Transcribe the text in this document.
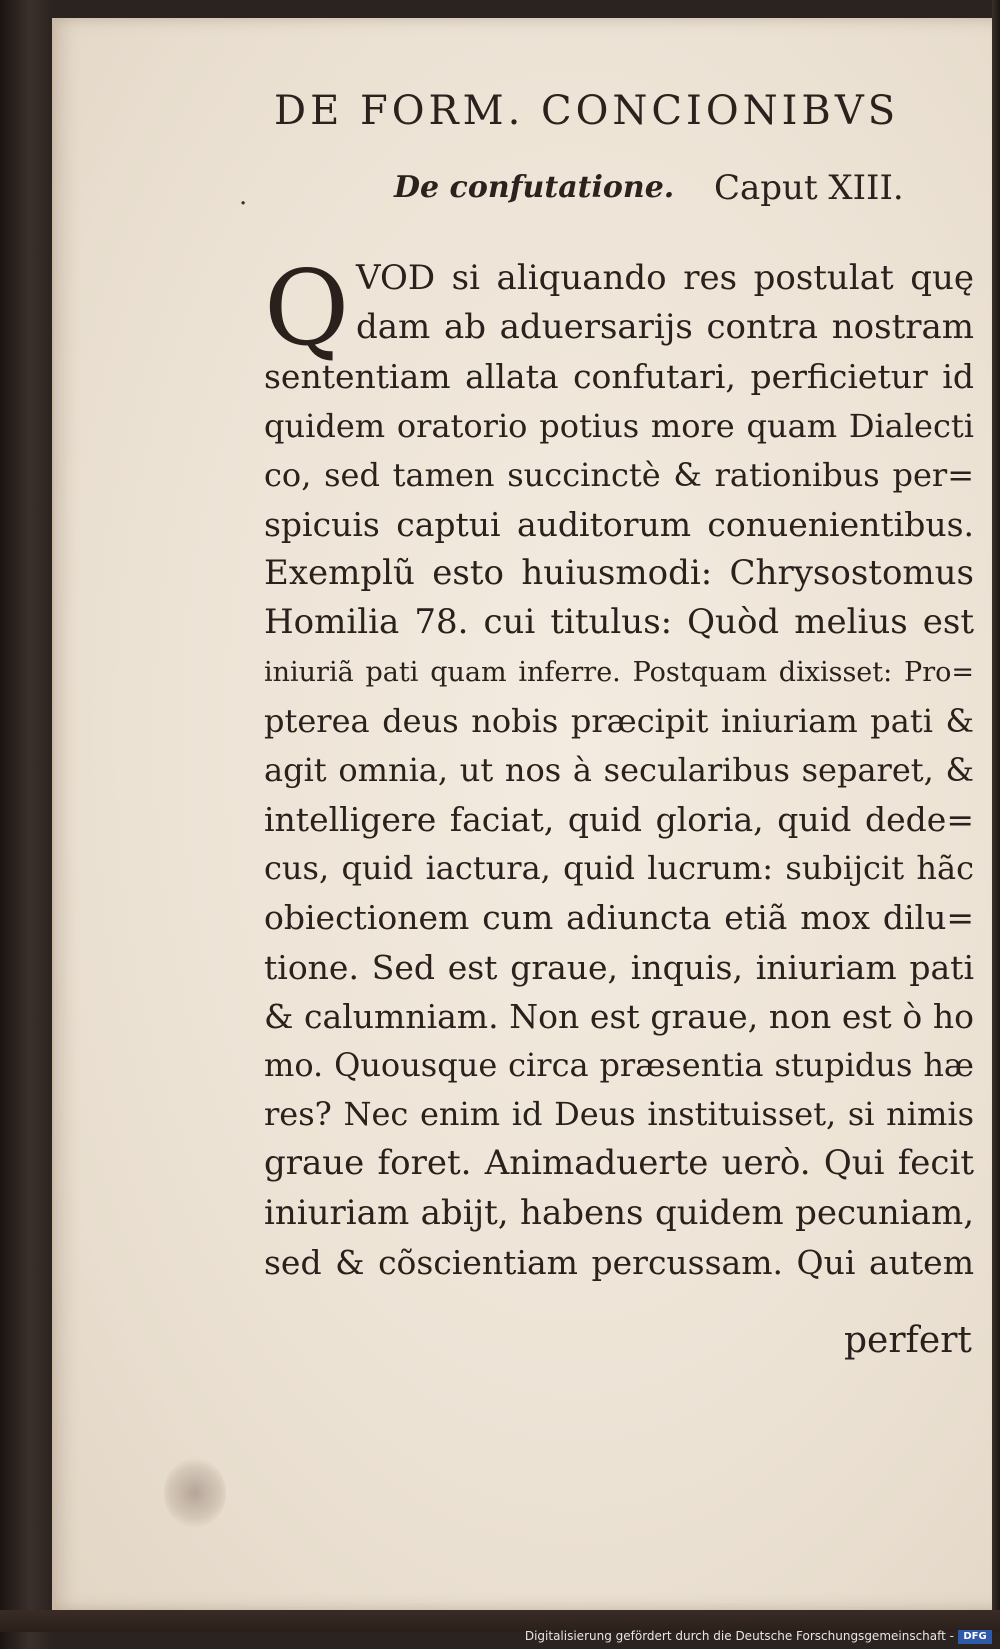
DE FORM. CONCIONIBVS
·	De confutatione. Caput XIII.
Q VOD si aliquando res postulat quę
dam ab aduersarijs contra nostram
sententiam allata confutari, perficietur id
quidem oratorio potius more quam Dialecti
co, sed tamen succinctè & rationibus per=
spicuis captui auditorum conuenientibus.
Exemplũ esto huiusmodi: Chrysostomus
Homilia 78. cui titulus: Quòd melius est
iniuriã pati quam inferre. Postquam dixisset: Pro=
pterea deus nobis præcipit iniuriam pati &
agit omnia, ut nos à secularibus separet, &
intelligere faciat, quid gloria, quid dede=
cus, quid iactura, quid lucrum: subijcit hãc
obiectionem cum adiuncta etiã mox dilu=
tione. Sed est graue, inquis, iniuriam pati
& calumniam. Non est graue, non est ò ho
mo. Quousque circa præsentia stupidus hæ
res? Nec enim id Deus instituisset, si nimis
graue foret. Animaduerte uerò. Qui fecit
iniuriam abijt, habens quidem pecuniam,
sed & cõscientiam percussam. Qui autem
perfert
Digitalisierung gefördert durch die Deutsche Forschungsgemeinschaft - DFG
